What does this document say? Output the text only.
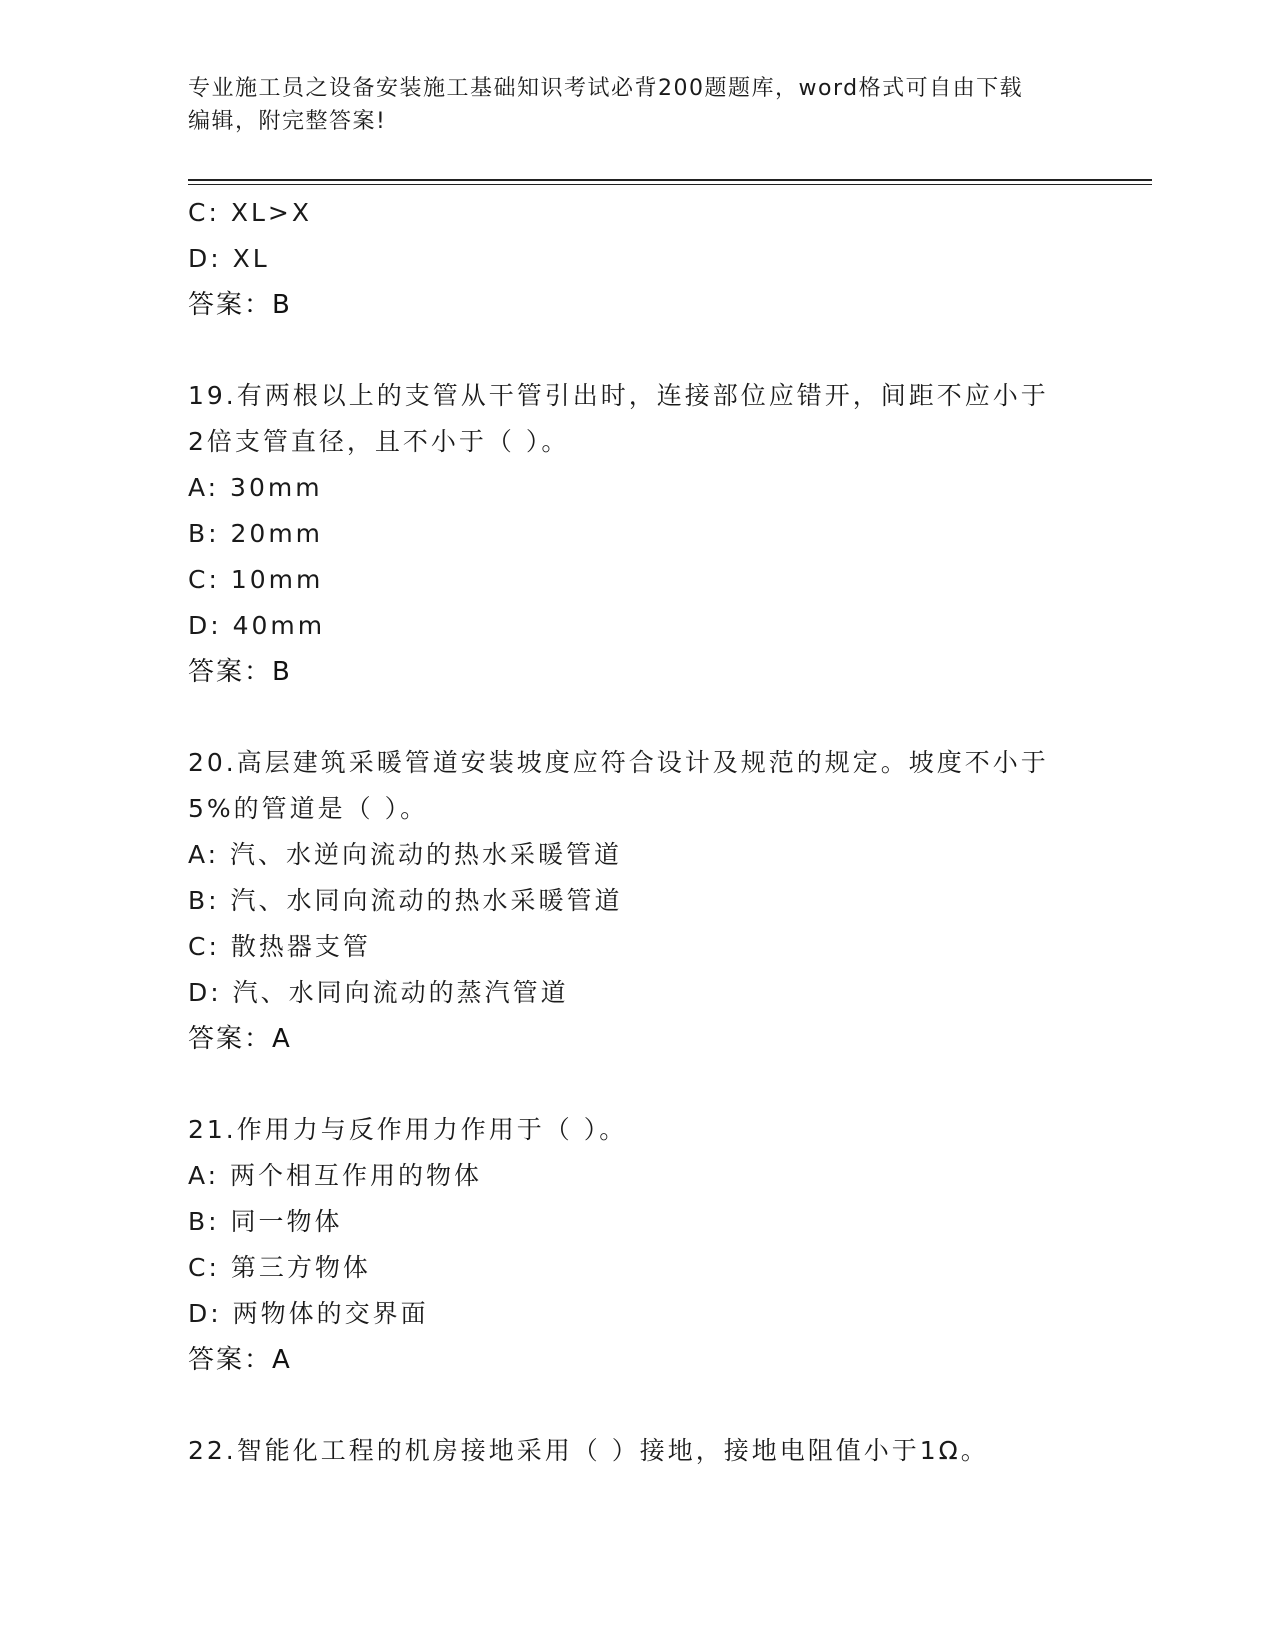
专业施工员之设备安装施工基础知识考试必背200题题库，word格式可自由下载
编辑，附完整答案!
C: XL>X
D: XL
答案：B
19.有两根以上的支管从干管引出时，连接部位应错开，间距不应小于
2倍支管直径，且不小于（ ）。
A: 30mm
B: 20mm
C: 10mm
D: 40mm
答案：B
20.高层建筑采暖管道安装坡度应符合设计及规范的规定。坡度不小于
5%的管道是（ ）。
A: 汽、水逆向流动的热水采暖管道
B: 汽、水同向流动的热水采暖管道
C: 散热器支管
D: 汽、水同向流动的蒸汽管道
答案：A
21.作用力与反作用力作用于（ ）。
A: 两个相互作用的物体
B: 同一物体
C: 第三方物体
D: 两物体的交界面
答案：A
22.智能化工程的机房接地采用（ ）接地，接地电阻值小于1Ω。
